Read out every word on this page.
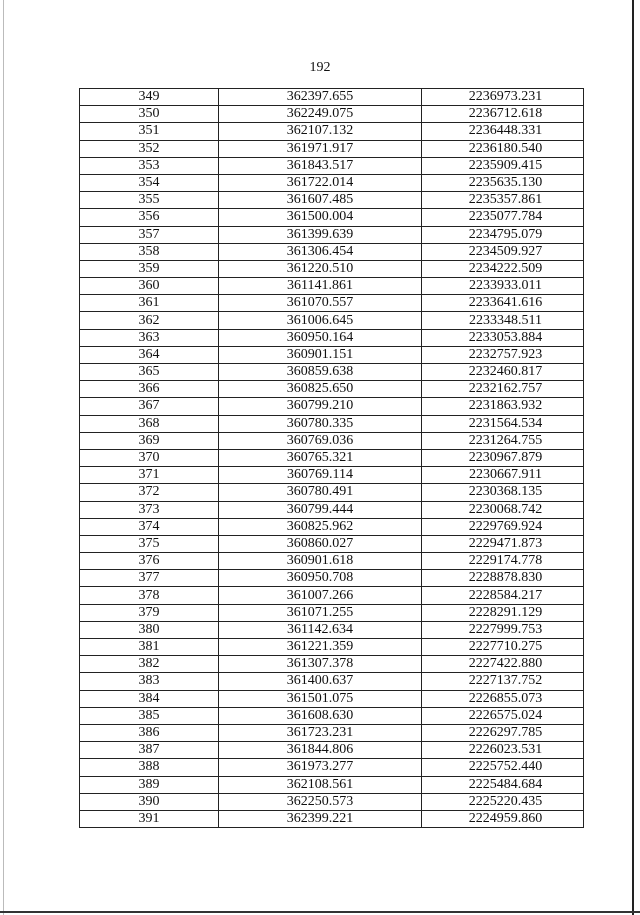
192
349	362397.655	2236973.231
350	362249.075	2236712.618
351	362107.132	2236448.331
352	361971.917	2236180.540
353	361843.517	2235909.415
354	361722.014	2235635.130
355	361607.485	2235357.861
356	361500.004	2235077.784
357	361399.639	2234795.079
358	361306.454	2234509.927
359	361220.510	2234222.509
360	361141.861	2233933.011
361	361070.557	2233641.616
362	361006.645	2233348.511
363	360950.164	2233053.884
364	360901.151	2232757.923
365	360859.638	2232460.817
366	360825.650	2232162.757
367	360799.210	2231863.932
368	360780.335	2231564.534
369	360769.036	2231264.755
370	360765.321	2230967.879
371	360769.114	2230667.911
372	360780.491	2230368.135
373	360799.444	2230068.742
374	360825.962	2229769.924
375	360860.027	2229471.873
376	360901.618	2229174.778
377	360950.708	2228878.830
378	361007.266	2228584.217
379	361071.255	2228291.129
380	361142.634	2227999.753
381	361221.359	2227710.275
382	361307.378	2227422.880
383	361400.637	2227137.752
384	361501.075	2226855.073
385	361608.630	2226575.024
386	361723.231	2226297.785
387	361844.806	2226023.531
388	361973.277	2225752.440
389	362108.561	2225484.684
390	362250.573	2225220.435
391	362399.221	2224959.860
